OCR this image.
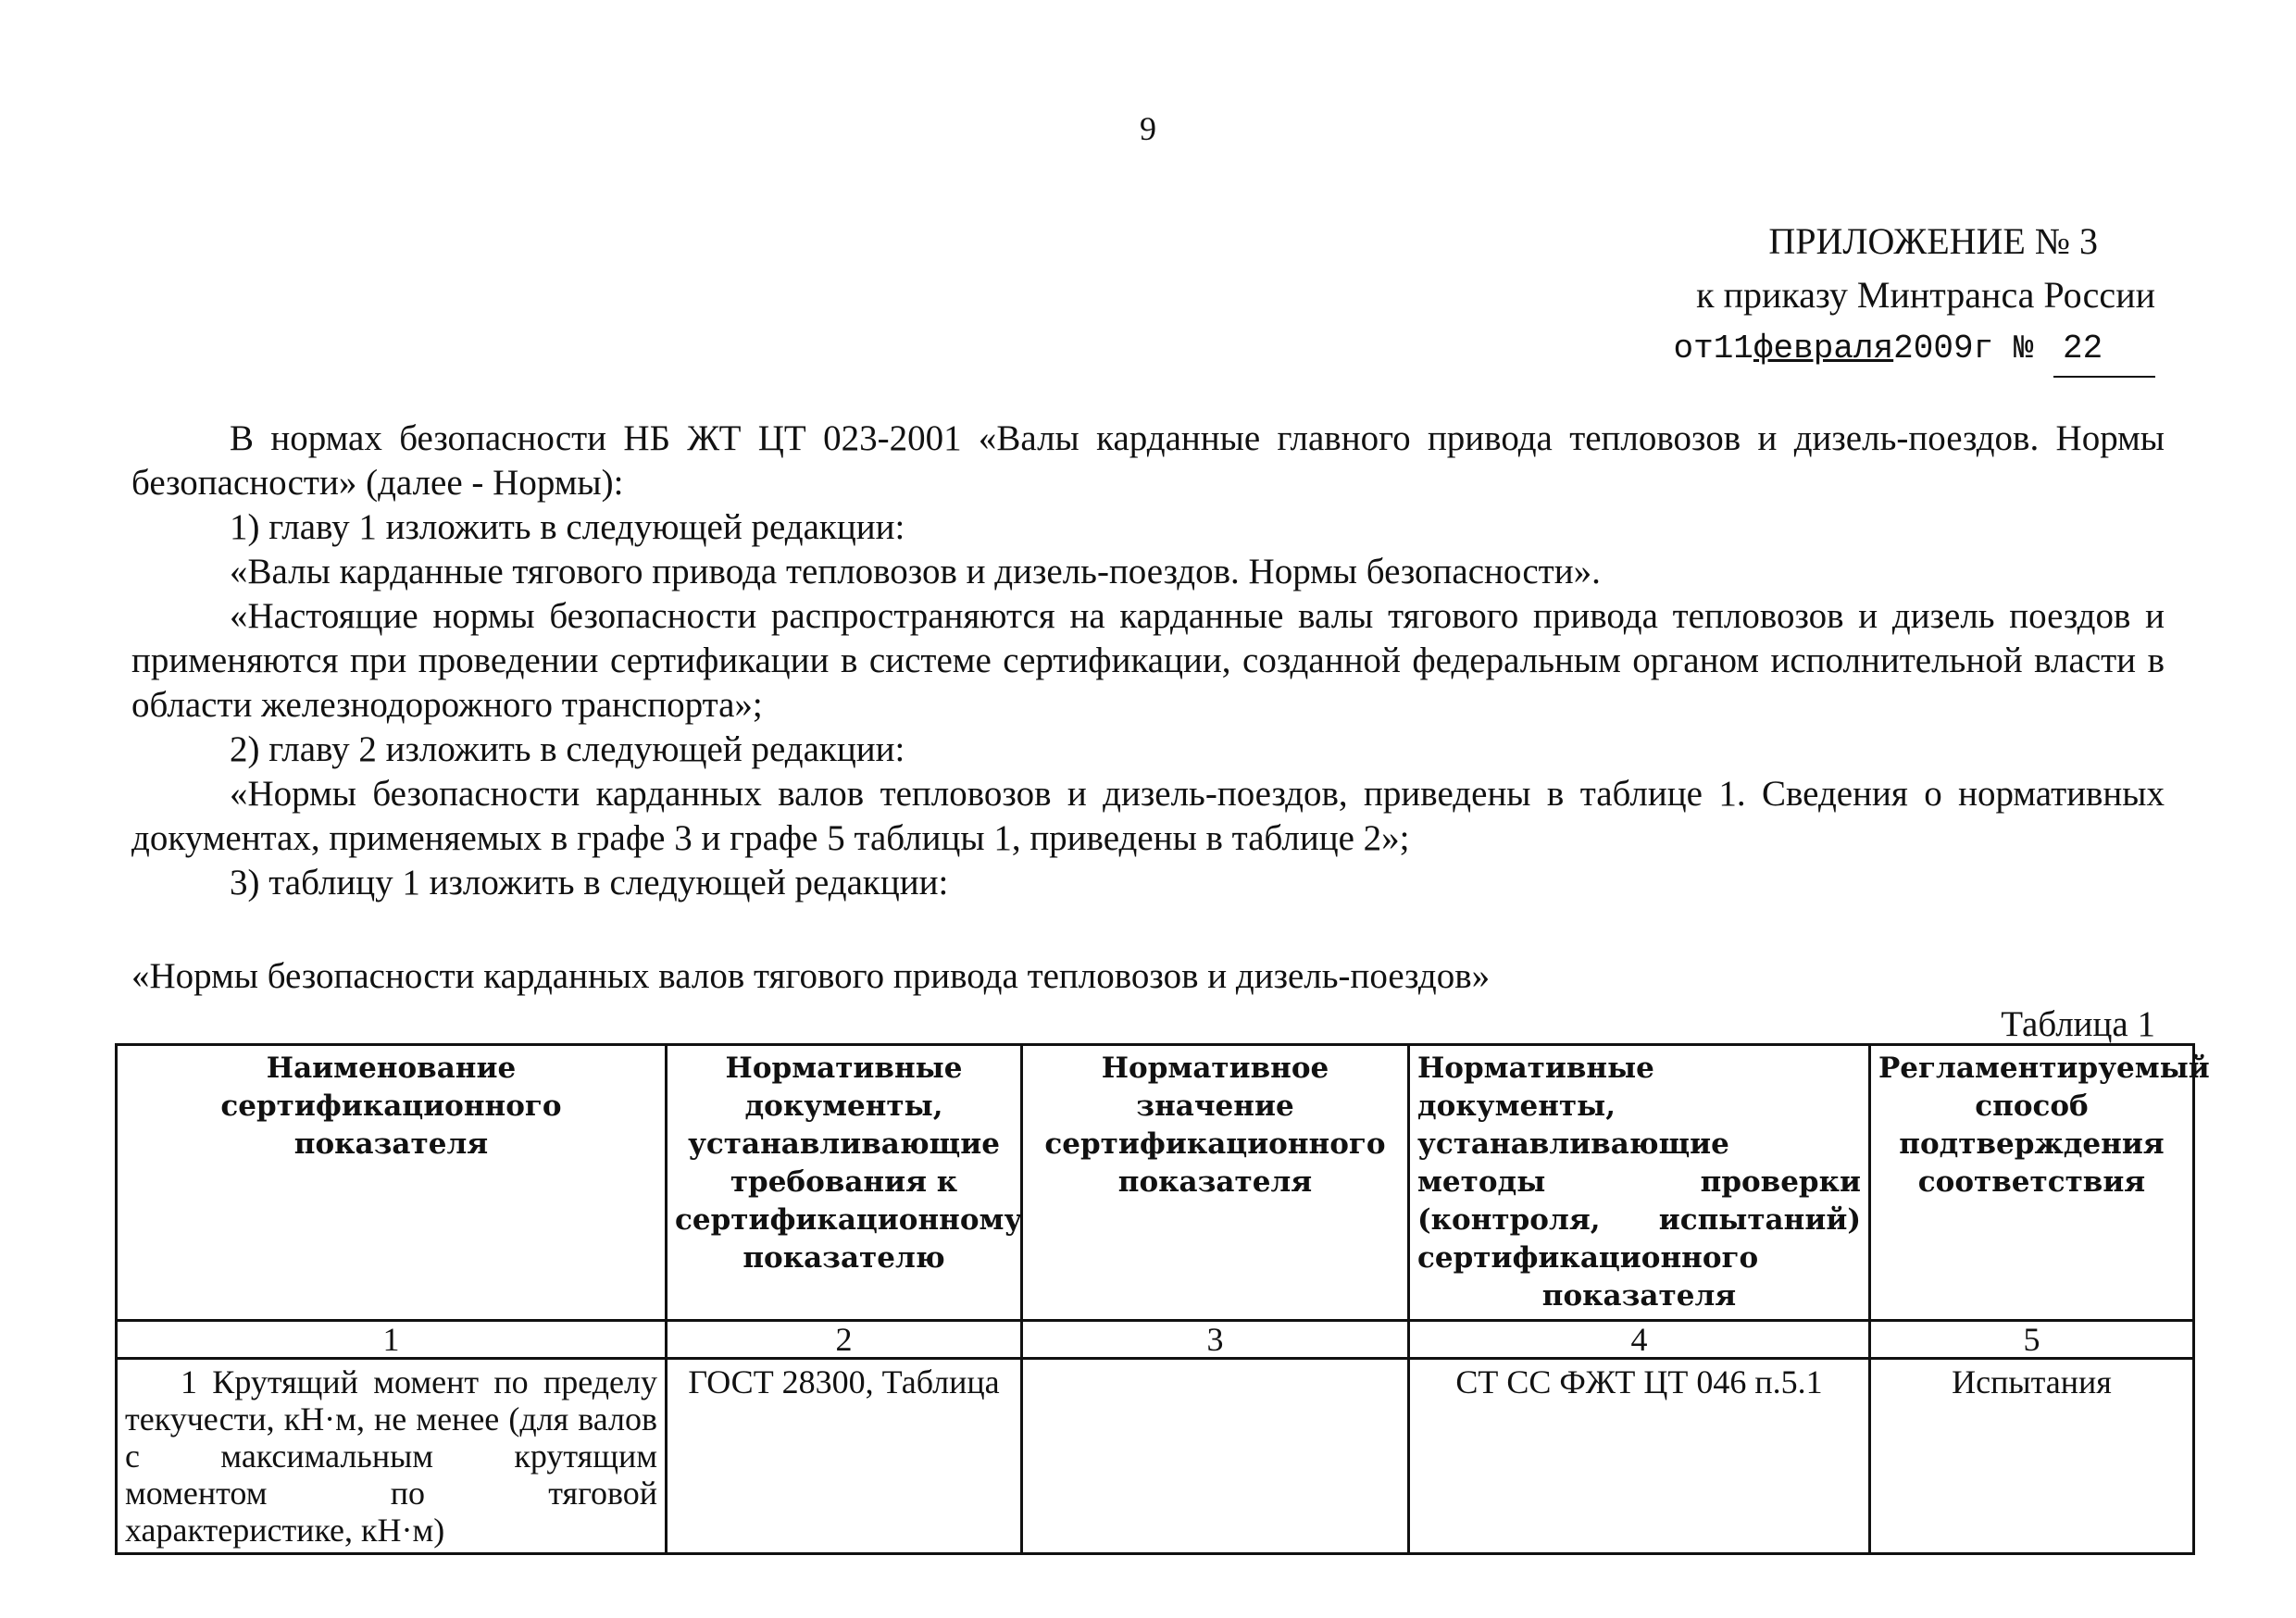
9
ПРИЛОЖЕНИЕ № 3
к приказу Минтранса России
от11февраля2009г № 22

В нормах безопасности НБ ЖТ ЦТ 023-2001 «Валы карданные главного привода тепловозов и дизель-поездов. Нормы безопасности» (далее - Нормы):

1) главу 1 изложить в следующей редакции:

«Валы карданные тягового привода тепловозов и дизель-поездов. Нормы безопасности».

«Настоящие нормы безопасности распространяются на карданные валы тягового привода тепловозов и дизель поездов и применяются при проведении сертификации в системе сертификации, созданной федеральным органом исполнительной власти в области железнодорожного транспорта»;

2) главу 2 изложить в следующей редакции:

«Нормы безопасности карданных валов тепловозов и дизель-поездов, приведены в таблице 1. Сведения о нормативных документах, применяемых в графе 3 и графе 5 таблицы 1, приведены в таблице 2»;

3) таблицу 1 изложить в следующей редакции:

«Нормы безопасности карданных валов тягового привода тепловозов и дизель-поездов»
Таблица 1
Наименование сертификационного показателя	Нормативные документы, устанавливающие требования к сертификационному показателю	Нормативное значение сертификационного показателя	Нормативные документы, устанавливающие методы проверки (контроля, испытаний) сертификационного показателя	Регламентируемый способ подтверждения соответствия
1	2	3	4	5
1 Крутящий момент по пределу текучести, кН·м, не менее (для валов с максимальным крутящим моментом по тяговой характеристике, кН·м)	ГОСТ 28300, Таблица		СТ СС ФЖТ ЦТ 046 п.5.1	Испытания
